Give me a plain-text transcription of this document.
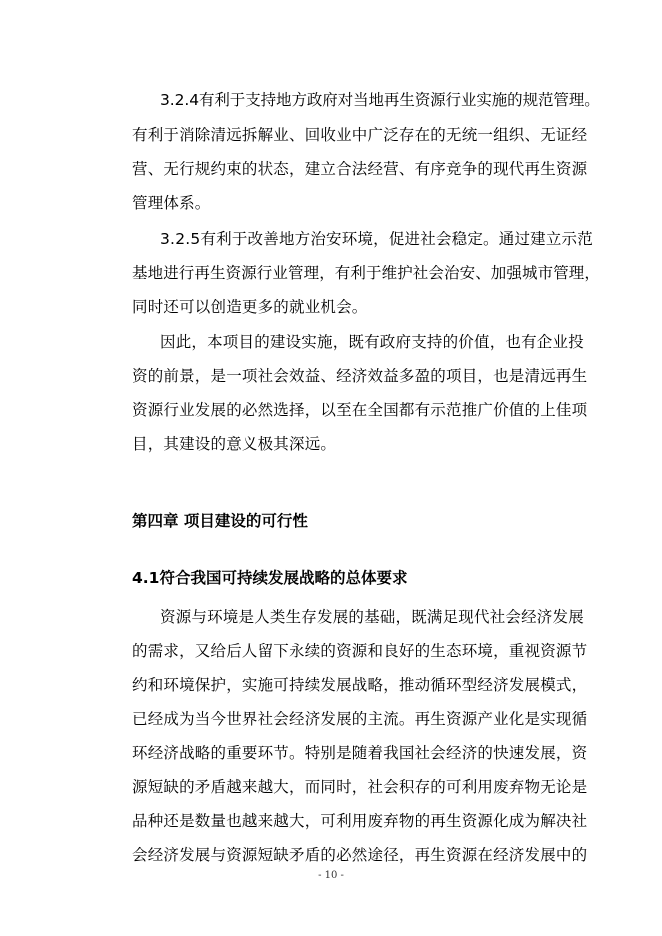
3.2.4有利于支持地方政府对当地再生资源行业实施的规范管理。
有利于消除清远拆解业、回收业中广泛存在的无统一组织、无证经
营、无行规约束的状态，建立合法经营、有序竞争的现代再生资源
管理体系。
3.2.5有利于改善地方治安环境，促进社会稳定。通过建立示范
基地进行再生资源行业管理，有利于维护社会治安、加强城市管理，
同时还可以创造更多的就业机会。
因此，本项目的建设实施，既有政府支持的价值，也有企业投
资的前景，是一项社会效益、经济效益多盈的项目，也是清远再生
资源行业发展的必然选择，以至在全国都有示范推广价值的上佳项
目，其建设的意义极其深远。
第四章 项目建设的可行性
4.1符合我国可持续发展战略的总体要求
资源与环境是人类生存发展的基础，既满足现代社会经济发展
的需求，又给后人留下永续的资源和良好的生态环境，重视资源节
约和环境保护，实施可持续发展战略，推动循环型经济发展模式，
已经成为当今世界社会经济发展的主流。再生资源产业化是实现循
环经济战略的重要环节。特别是随着我国社会经济的快速发展，资
源短缺的矛盾越来越大，而同时，社会积存的可利用废弃物无论是
品种还是数量也越来越大，可利用废弃物的再生资源化成为解决社
会经济发展与资源短缺矛盾的必然途径，再生资源在经济发展中的
- 10 -
